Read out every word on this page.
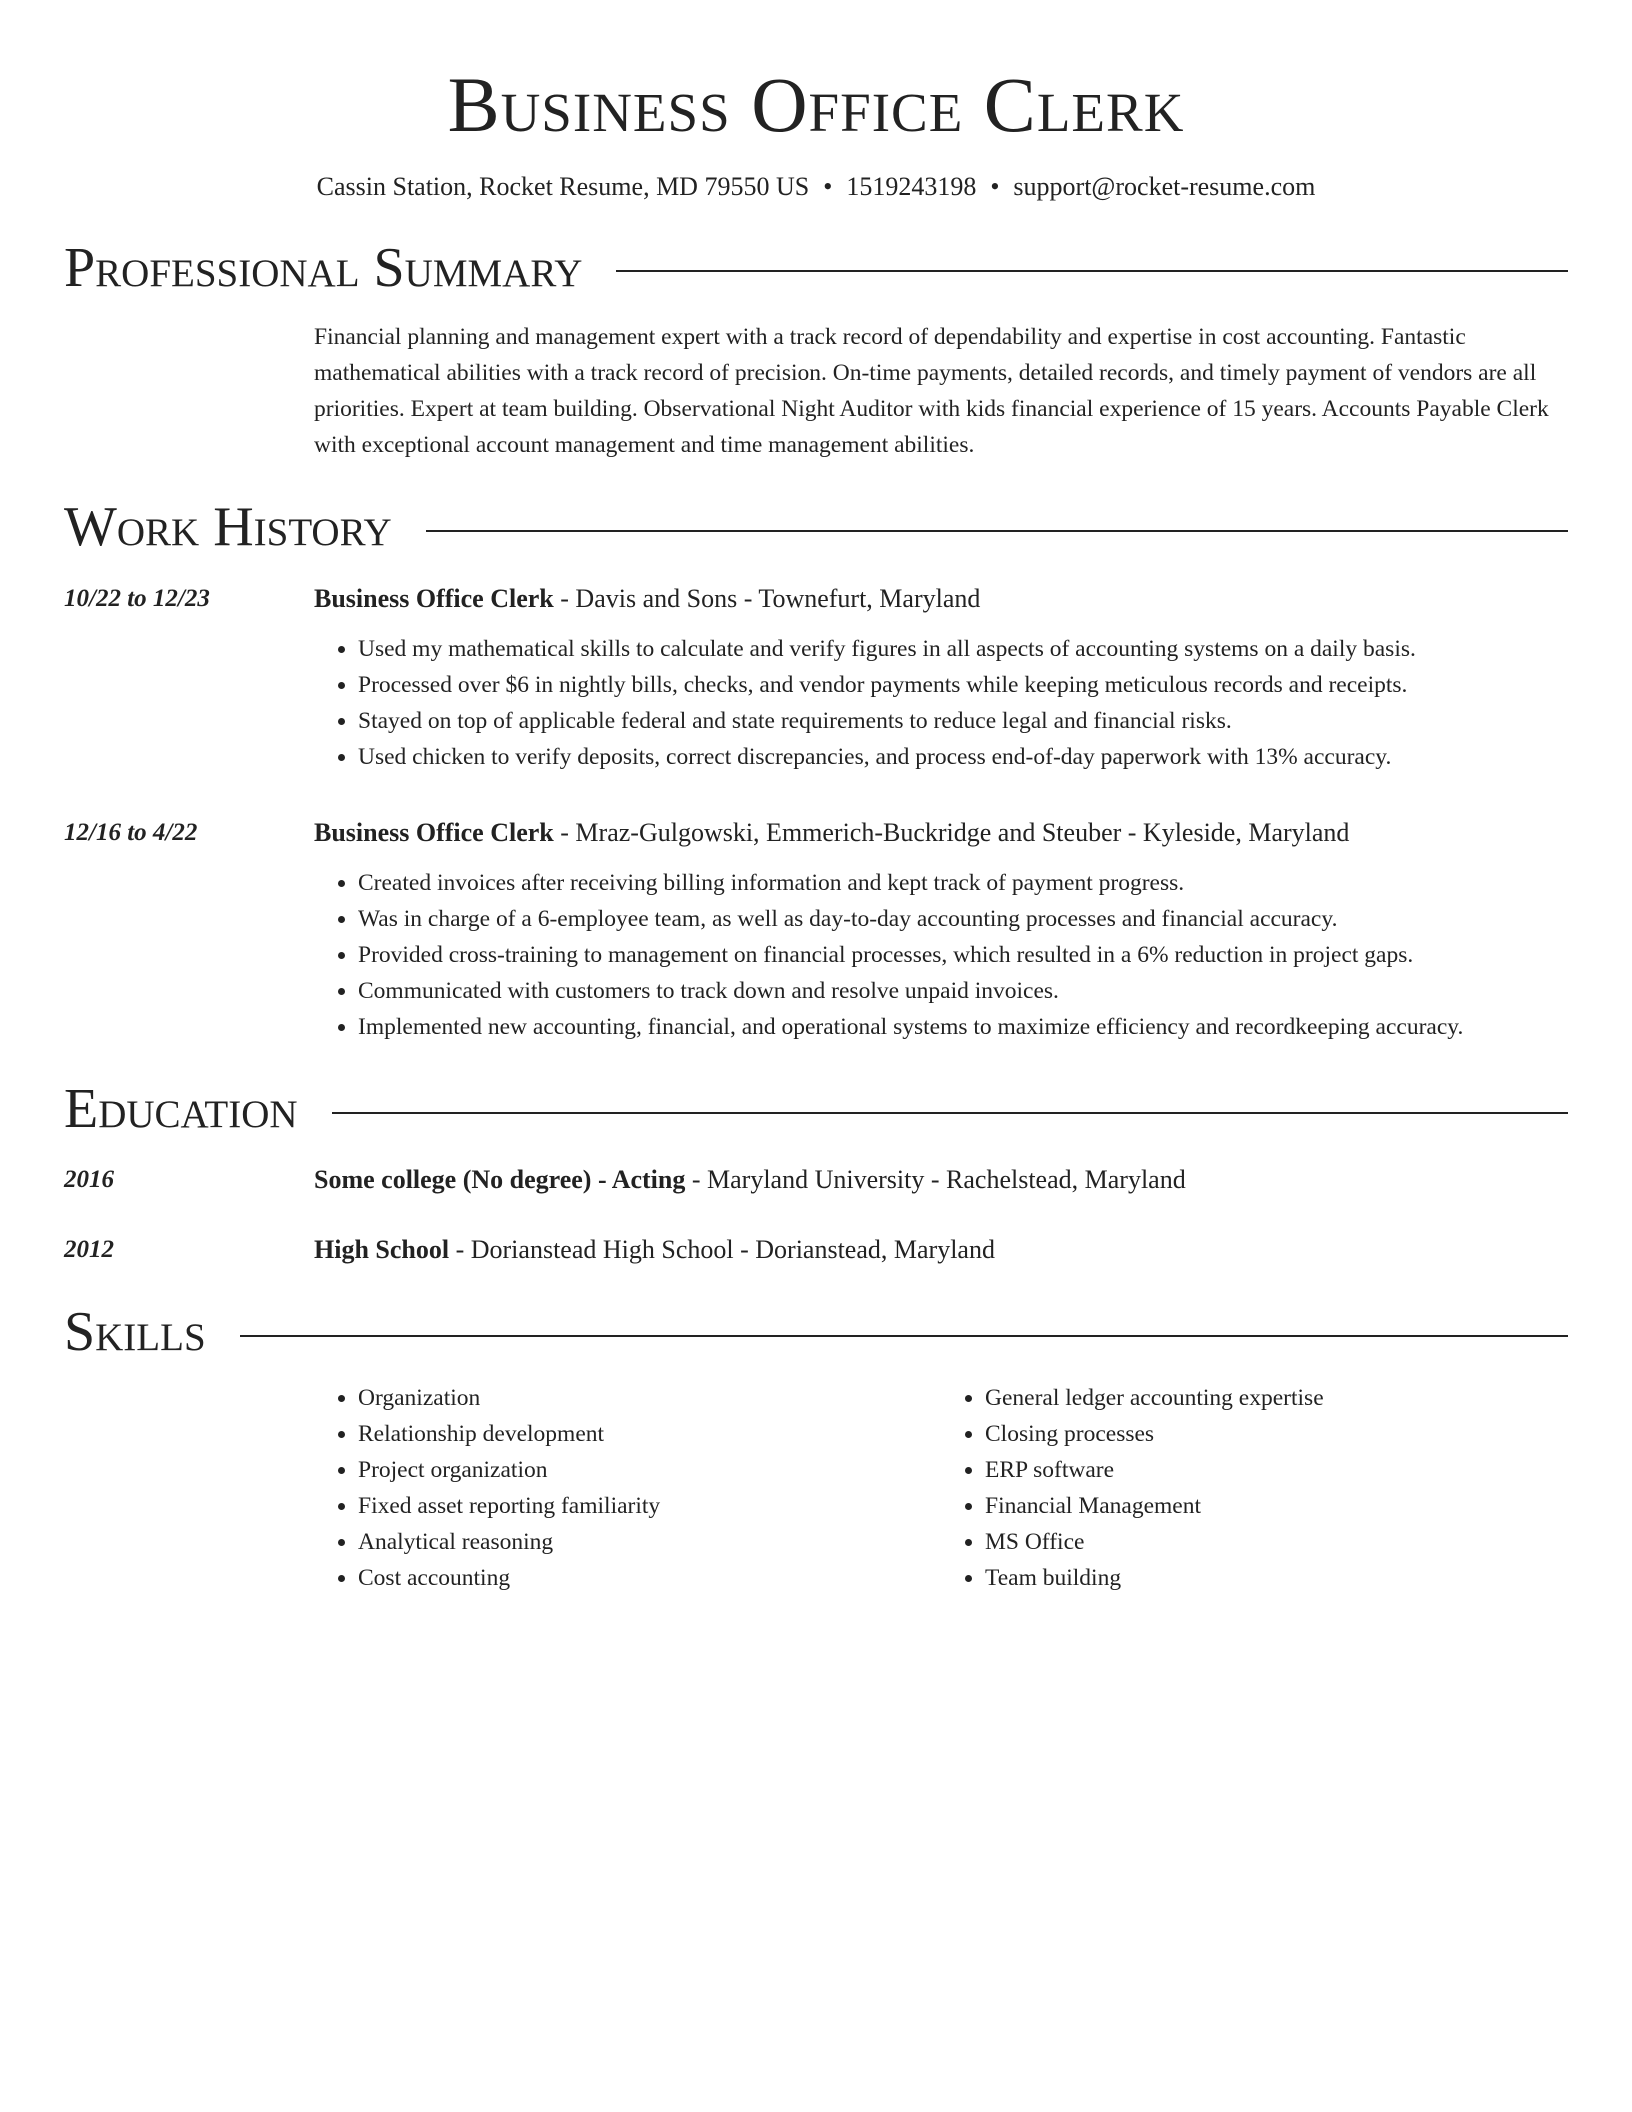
Business Office Clerk
Cassin Station, Rocket Resume, MD 79550 US • 1519243198 • support@rocket-resume.com
Professional Summary
Financial planning and management expert with a track record of dependability and expertise in cost accounting. Fantastic mathematical abilities with a track record of precision. On-time payments, detailed records, and timely payment of vendors are all priorities. Expert at team building. Observational Night Auditor with kids financial experience of 15 years. Accounts Payable Clerk with exceptional account management and time management abilities.
Work History
10/22 to 12/23	Business Office Clerk - Davis and Sons - Townefurt, Maryland
• Used my mathematical skills to calculate and verify figures in all aspects of accounting systems on a daily basis.
• Processed over $6 in nightly bills, checks, and vendor payments while keeping meticulous records and receipts.
• Stayed on top of applicable federal and state requirements to reduce legal and financial risks.
• Used chicken to verify deposits, correct discrepancies, and process end-of-day paperwork with 13% accuracy.
12/16 to 4/22	Business Office Clerk - Mraz-Gulgowski, Emmerich-Buckridge and Steuber - Kyleside, Maryland
• Created invoices after receiving billing information and kept track of payment progress.
• Was in charge of a 6-employee team, as well as day-to-day accounting processes and financial accuracy.
• Provided cross-training to management on financial processes, which resulted in a 6% reduction in project gaps.
• Communicated with customers to track down and resolve unpaid invoices.
• Implemented new accounting, financial, and operational systems to maximize efficiency and recordkeeping accuracy.
Education
2016	Some college (No degree) - Acting - Maryland University - Rachelstead, Maryland
2012	High School - Dorianstead High School - Dorianstead, Maryland
Skills
• Organization
• Relationship development
• Project organization
• Fixed asset reporting familiarity
• Analytical reasoning
• Cost accounting
• General ledger accounting expertise
• Closing processes
• ERP software
• Financial Management
• MS Office
• Team building
